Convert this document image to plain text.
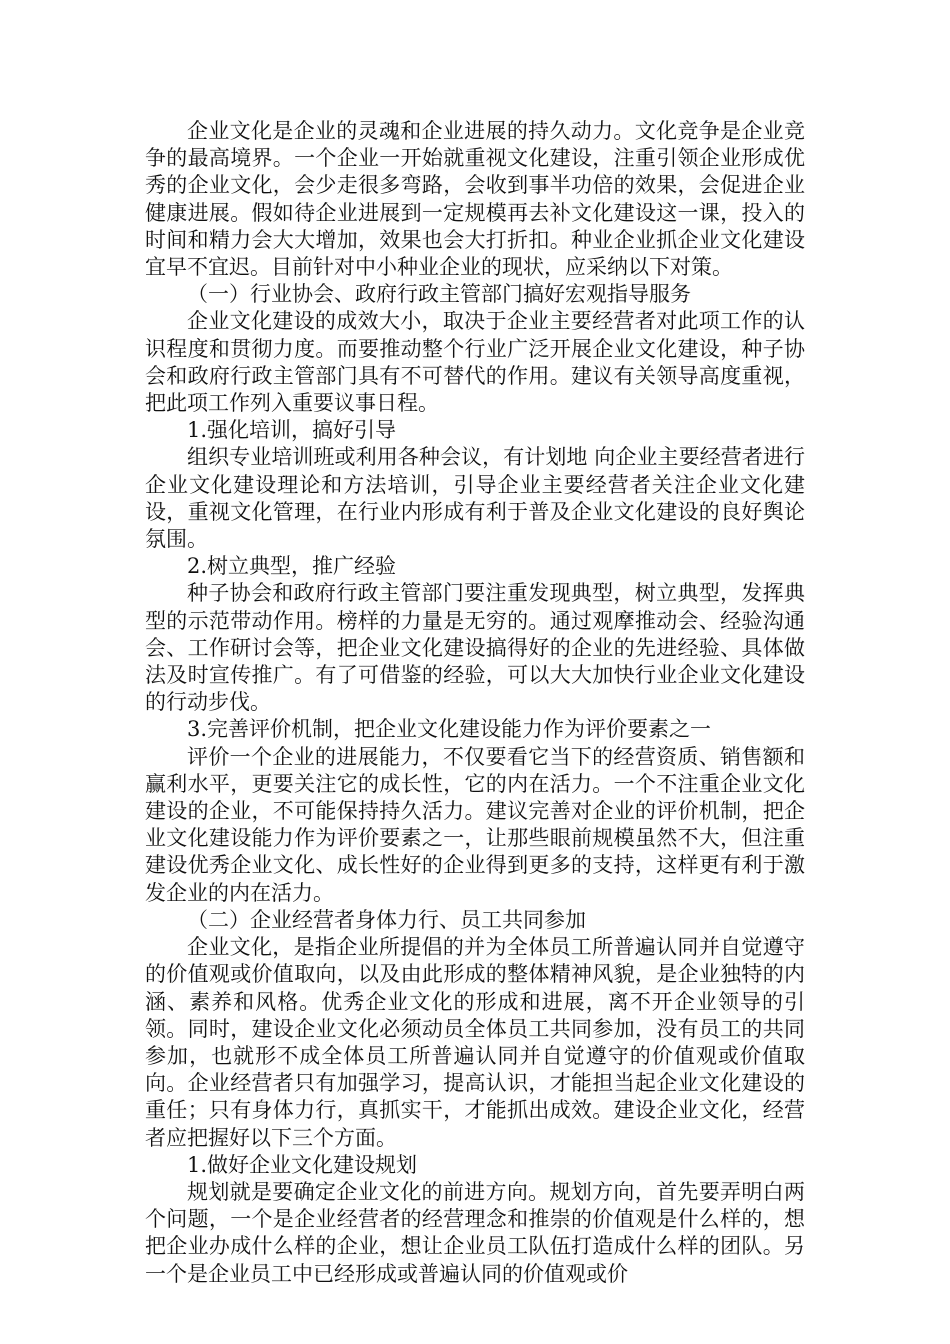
企业文化是企业的灵魂和企业进展的持久动力。文化竞争是企业竞争的最高境界。一个企业一开始就重视文化建设，注重引领企业形成优秀的企业文化，会少走很多弯路，会收到事半功倍的效果，会促进企业健康进展。假如待企业进展到一定规模再去补文化建设这一课，投入的时间和精力会大大增加，效果也会大打折扣。种业企业抓企业文化建设宜早不宜迟。目前针对中小种业企业的现状，应采纳以下对策。

（一）行业协会、政府行政主管部门搞好宏观指导服务

企业文化建设的成效大小，取决于企业主要经营者对此项工作的认识程度和贯彻力度。而要推动整个行业广泛开展企业文化建设，种子协会和政府行政主管部门具有不可替代的作用。建议有关领导高度重视，把此项工作列入重要议事日程。

1.强化培训，搞好引导

组织专业培训班或利用各种会议，有计划地 向企业主要经营者进行企业文化建设理论和方法培训，引导企业主要经营者关注企业文化建设，重视文化管理，在行业内形成有利于普及企业文化建设的良好舆论氛围。

2.树立典型，推广经验

种子协会和政府行政主管部门要注重发现典型，树立典型，发挥典型的示范带动作用。榜样的力量是无穷的。通过观摩推动会、经验沟通会、工作研讨会等，把企业文化建设搞得好的企业的先进经验、具体做法及时宣传推广。有了可借鉴的经验，可以大大加快行业企业文化建设的行动步伐。

3.完善评价机制，把企业文化建设能力作为评价要素之一

评价一个企业的进展能力，不仅要看它当下的经营资质、销售额和赢利水平，更要关注它的成长性，它的内在活力。一个不注重企业文化建设的企业，不可能保持持久活力。建议完善对企业的评价机制，把企业文化建设能力作为评价要素之一，让那些眼前规模虽然不大，但注重建设优秀企业文化、成长性好的企业得到更多的支持，这样更有利于激发企业的内在活力。

（二）企业经营者身体力行、员工共同参加

企业文化，是指企业所提倡的并为全体员工所普遍认同并自觉遵守的价值观或价值取向，以及由此形成的整体精神风貌，是企业独特的内涵、素养和风格。优秀企业文化的形成和进展，离不开企业领导的引领。同时，建设企业文化必须动员全体员工共同参加，没有员工的共同参加，也就形不成全体员工所普遍认同并自觉遵守的价值观或价值取向。企业经营者只有加强学习，提高认识，才能担当起企业文化建设的重任；只有身体力行，真抓实干，才能抓出成效。建设企业文化，经营者应把握好以下三个方面。

1.做好企业文化建设规划

规划就是要确定企业文化的前进方向。规划方向，首先要弄明白两个问题，一个是企业经营者的经营理念和推崇的价值观是什么样的，想把企业办成什么样的企业，想让企业员工队伍打造成什么样的团队。另一个是企业员工中已经形成或普遍认同的价值观或价
